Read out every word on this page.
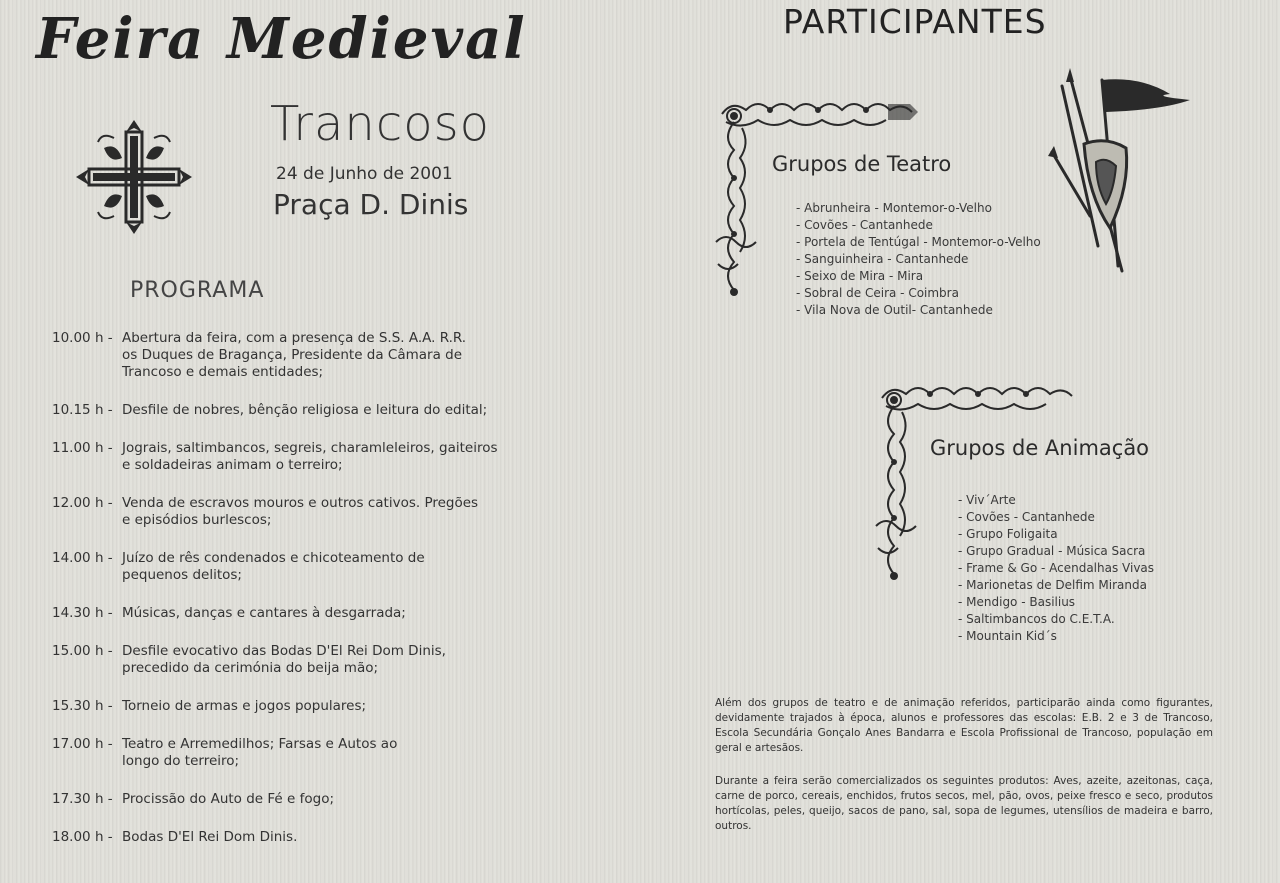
Feira Medieval
Trancoso
24 de Junho de 2001
Praça D. Dinis
PROGRAMA
10.00 h - Abertura da feira, com a presença de S.S. A.A. R.R.
os Duques de Bragança, Presidente da Câmara de
Trancoso e demais entidades;
10.15 h - Desfile de nobres, bênção religiosa e leitura do edital;
11.00 h - Jograis, saltimbancos, segreis, charamleleiros, gaiteiros
e soldadeiras animam o terreiro;
12.00 h - Venda de escravos mouros e outros cativos. Pregões
e episódios burlescos;
14.00 h - Juízo de rês condenados e chicoteamento de
pequenos delitos;
14.30 h - Músicas, danças e cantares à desgarrada;
15.00 h - Desfile evocativo das Bodas D'El Rei Dom Dinis,
precedido da cerimónia do beija mão;
15.30 h - Torneio de armas e jogos populares;
17.00 h - Teatro e Arremedilhos; Farsas e Autos ao
longo do terreiro;
17.30 h - Procissão do Auto de Fé e fogo;
18.00 h - Bodas D'El Rei Dom Dinis.
PARTICIPANTES
Grupos de Teatro
- Abrunheira - Montemor-o-Velho
- Covões - Cantanhede
- Portela de Tentúgal - Montemor-o-Velho
- Sanguinheira - Cantanhede
- Seixo de Mira - Mira
- Sobral de Ceira - Coimbra
- Vila Nova de Outil- Cantanhede
Grupos de Animação
- Viv´Arte
- Covões - Cantanhede
- Grupo Foligaita
- Grupo Gradual - Música Sacra
- Frame & Go - Acendalhas Vivas
- Marionetas de Delfim Miranda
- Mendigo - Basilius
- Saltimbancos do C.E.T.A.
- Mountain Kid´s
Além dos grupos de teatro e de animação referidos, participarão ainda como figurantes, devidamente trajados à época, alunos e professores das escolas: E.B. 2 e 3 de Trancoso, Escola Secundária Gonçalo Anes Bandarra e Escola Profissional de Trancoso, população em geral e artesãos.
Durante a feira serão comercializados os seguintes produtos: Aves, azeite, azeitonas, caça, carne de porco, cereais, enchidos, frutos secos, mel, pão, ovos, peixe fresco e seco, produtos hortícolas, peles, queijo, sacos de pano, sal, sopa de legumes, utensílios de madeira e barro, outros.
